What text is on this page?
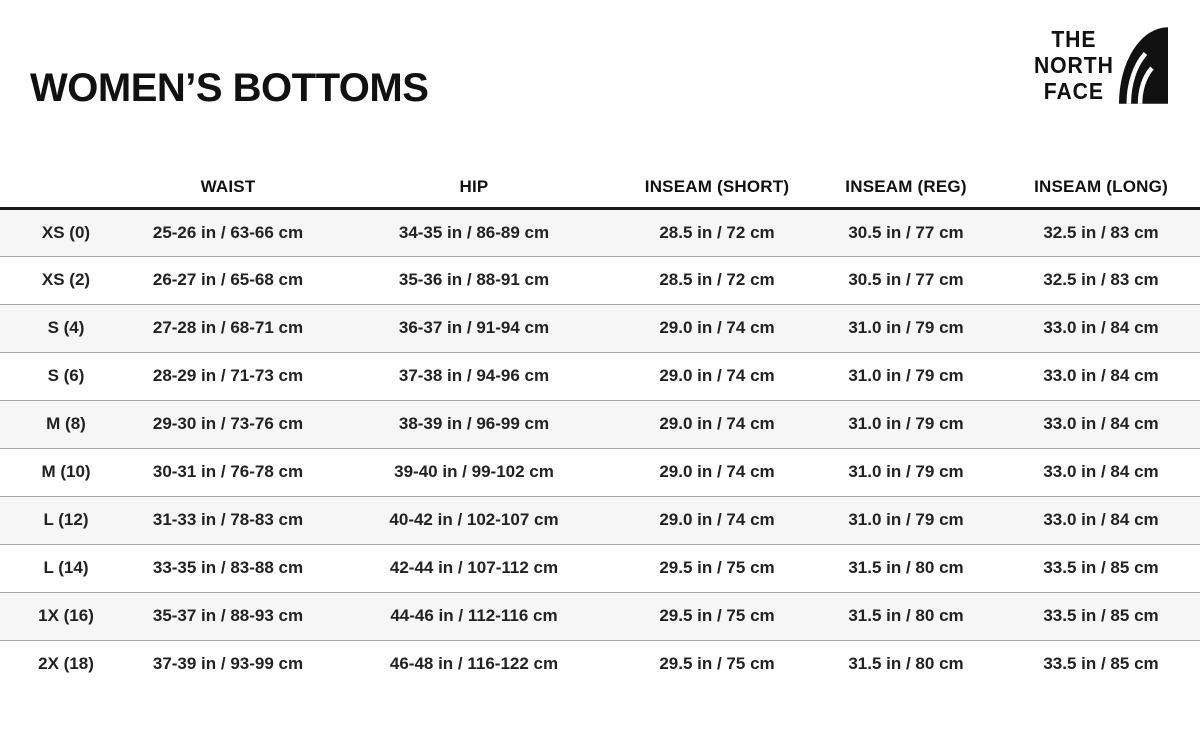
WOMEN’S BOTTOMS
THE
NORTH
FACE
	WAIST	HIP	INSEAM (SHORT)	INSEAM (REG)	INSEAM (LONG)
XS (0)	25-26 in / 63-66 cm	34-35 in / 86-89 cm	28.5 in / 72 cm	30.5 in / 77 cm	32.5 in / 83 cm
XS (2)	26-27 in / 65-68 cm	35-36 in / 88-91 cm	28.5 in / 72 cm	30.5 in / 77 cm	32.5 in / 83 cm
S (4)	27-28 in / 68-71 cm	36-37 in / 91-94 cm	29.0 in / 74 cm	31.0 in / 79 cm	33.0 in / 84 cm
S (6)	28-29 in / 71-73 cm	37-38 in / 94-96 cm	29.0 in / 74 cm	31.0 in / 79 cm	33.0 in / 84 cm
M (8)	29-30 in / 73-76 cm	38-39 in / 96-99 cm	29.0 in / 74 cm	31.0 in / 79 cm	33.0 in / 84 cm
M (10)	30-31 in / 76-78 cm	39-40 in / 99-102 cm	29.0 in / 74 cm	31.0 in / 79 cm	33.0 in / 84 cm
L (12)	31-33 in / 78-83 cm	40-42 in / 102-107 cm	29.0 in / 74 cm	31.0 in / 79 cm	33.0 in / 84 cm
L (14)	33-35 in / 83-88 cm	42-44 in / 107-112 cm	29.5 in / 75 cm	31.5 in / 80 cm	33.5 in / 85 cm
1X (16)	35-37 in / 88-93 cm	44-46 in / 112-116 cm	29.5 in / 75 cm	31.5 in / 80 cm	33.5 in / 85 cm
2X (18)	37-39 in / 93-99 cm	46-48 in / 116-122 cm	29.5 in / 75 cm	31.5 in / 80 cm	33.5 in / 85 cm
